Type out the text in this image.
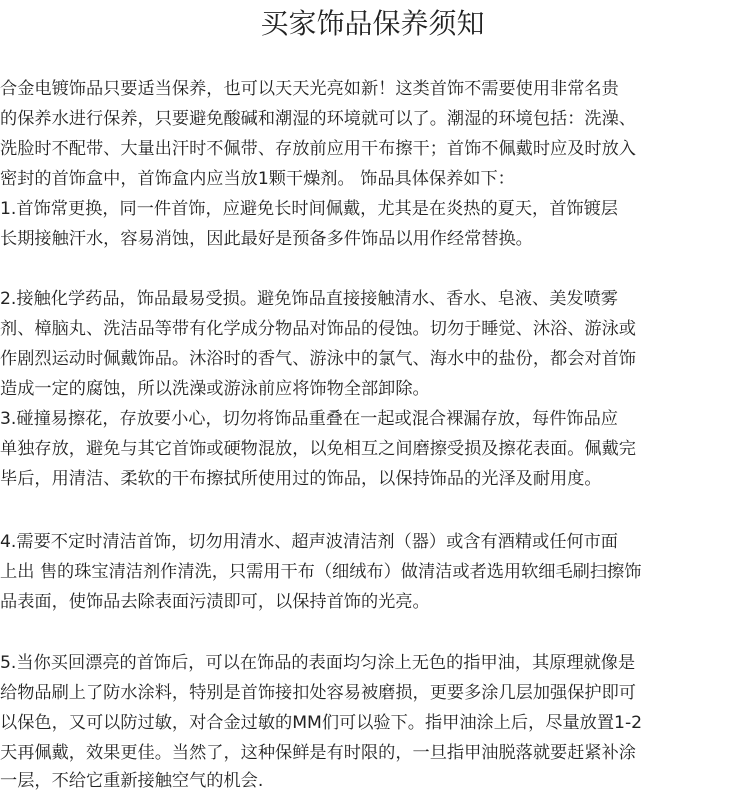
买家饰品保养须知
合金电镀饰品只要适当保养，也可以天天光亮如新！这类首饰不需要使用非常名贵
的保养水进行保养，只要避免酸碱和潮湿的环境就可以了。潮湿的环境包括：洗澡、
洗脸时不配带、大量出汗时不佩带、存放前应用干布擦干；首饰不佩戴时应及时放入
密封的首饰盒中，首饰盒内应当放1颗干燥剂。 饰品具体保养如下：
1.首饰常更换，同一件首饰，应避免长时间佩戴，尤其是在炎热的夏天，首饰镀层
长期接触汗水，容易消蚀，因此最好是预备多件饰品以用作经常替换。
2.接触化学药品，饰品最易受损。避免饰品直接接触清水、香水、皂液、美发喷雾
剂、樟脑丸、洗洁品等带有化学成分物品对饰品的侵蚀。切勿于睡觉、沐浴、游泳或
作剧烈运动时佩戴饰品。沐浴时的香气、游泳中的氯气、海水中的盐份，都会对首饰
造成一定的腐蚀，所以洗澡或游泳前应将饰物全部卸除。
3.碰撞易擦花，存放要小心，切勿将饰品重叠在一起或混合裸漏存放，每件饰品应
单独存放，避免与其它首饰或硬物混放，以免相互之间磨擦受损及擦花表面。佩戴完
毕后，用清洁、柔软的干布擦拭所使用过的饰品，以保持饰品的光泽及耐用度。
4.需要不定时清洁首饰，切勿用清水、超声波清洁剂（器）或含有酒精或任何市面
上出 售的珠宝清洁剂作清洗，只需用干布（细绒布）做清洁或者选用软细毛刷扫擦饰
品表面，使饰品去除表面污渍即可，以保持首饰的光亮。
5.当你买回漂亮的首饰后，可以在饰品的表面均匀涂上无色的指甲油，其原理就像是
给物品刷上了防水涂料，特别是首饰接扣处容易被磨损，更要多涂几层加强保护即可
以保色，又可以防过敏，对合金过敏的MM们可以验下。指甲油涂上后，尽量放置1-2
天再佩戴，效果更佳。当然了，这种保鲜是有时限的，一旦指甲油脱落就要赶紧补涂
一层，不给它重新接触空气的机会.
